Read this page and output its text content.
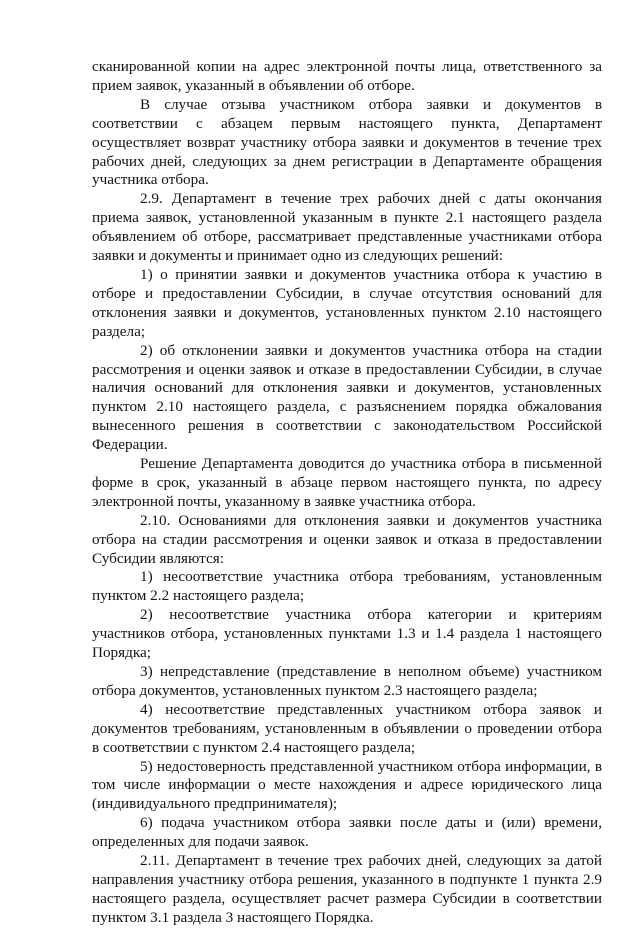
сканированной копии на адрес электронной почты лица, ответственного за прием заявок, указанный в объявлении об отборе.

В случае отзыва участником отбора заявки и документов в соответствии с абзацем первым настоящего пункта, Департамент осуществляет возврат участнику отбора заявки и документов в течение трех рабочих дней, следующих за днем регистрации в Департаменте обращения участника отбора.

2.9. Департамент в течение трех рабочих дней с даты окончания приема заявок, установленной указанным в пункте 2.1 настоящего раздела объявлением об отборе, рассматривает представленные участниками отбора заявки и документы и принимает одно из следующих решений:

1) о принятии заявки и документов участника отбора к участию в отборе и предоставлении Субсидии, в случае отсутствия оснований для отклонения заявки и документов, установленных пунктом 2.10 настоящего раздела;

2) об отклонении заявки и документов участника отбора на стадии рассмотрения и оценки заявок и отказе в предоставлении Субсидии, в случае наличия оснований для отклонения заявки и документов, установленных пунктом 2.10 настоящего раздела, с разъяснением порядка обжалования вынесенного решения в соответствии с законодательством Российской Федерации.

Решение Департамента доводится до участника отбора в письменной форме в срок, указанный в абзаце первом настоящего пункта, по адресу электронной почты, указанному в заявке участника отбора.

2.10. Основаниями для отклонения заявки и документов участника отбора на стадии рассмотрения и оценки заявок и отказа в предоставлении Субсидии являются:

1) несоответствие участника отбора требованиям, установленным пунктом 2.2 настоящего раздела;

2) несоответствие участника отбора категории и критериям участников отбора, установленных пунктами 1.3 и 1.4 раздела 1 настоящего Порядка;

3) непредставление (представление в неполном объеме) участником отбора документов, установленных пунктом 2.3 настоящего раздела;

4) несоответствие представленных участником отбора заявок и документов требованиям, установленным в объявлении о проведении отбора в соответствии с пунктом 2.4 настоящего раздела;

5) недостоверность представленной участником отбора информации, в том числе информации о месте нахождения и адресе юридического лица (индивидуального предпринимателя);

6) подача участником отбора заявки после даты и (или) времени, определенных для подачи заявок.

2.11. Департамент в течение трех рабочих дней, следующих за датой направления участнику отбора решения, указанного в подпункте 1 пункта 2.9 настоящего раздела, осуществляет расчет размера Субсидии в соответствии пунктом 3.1 раздела 3 настоящего Порядка.
